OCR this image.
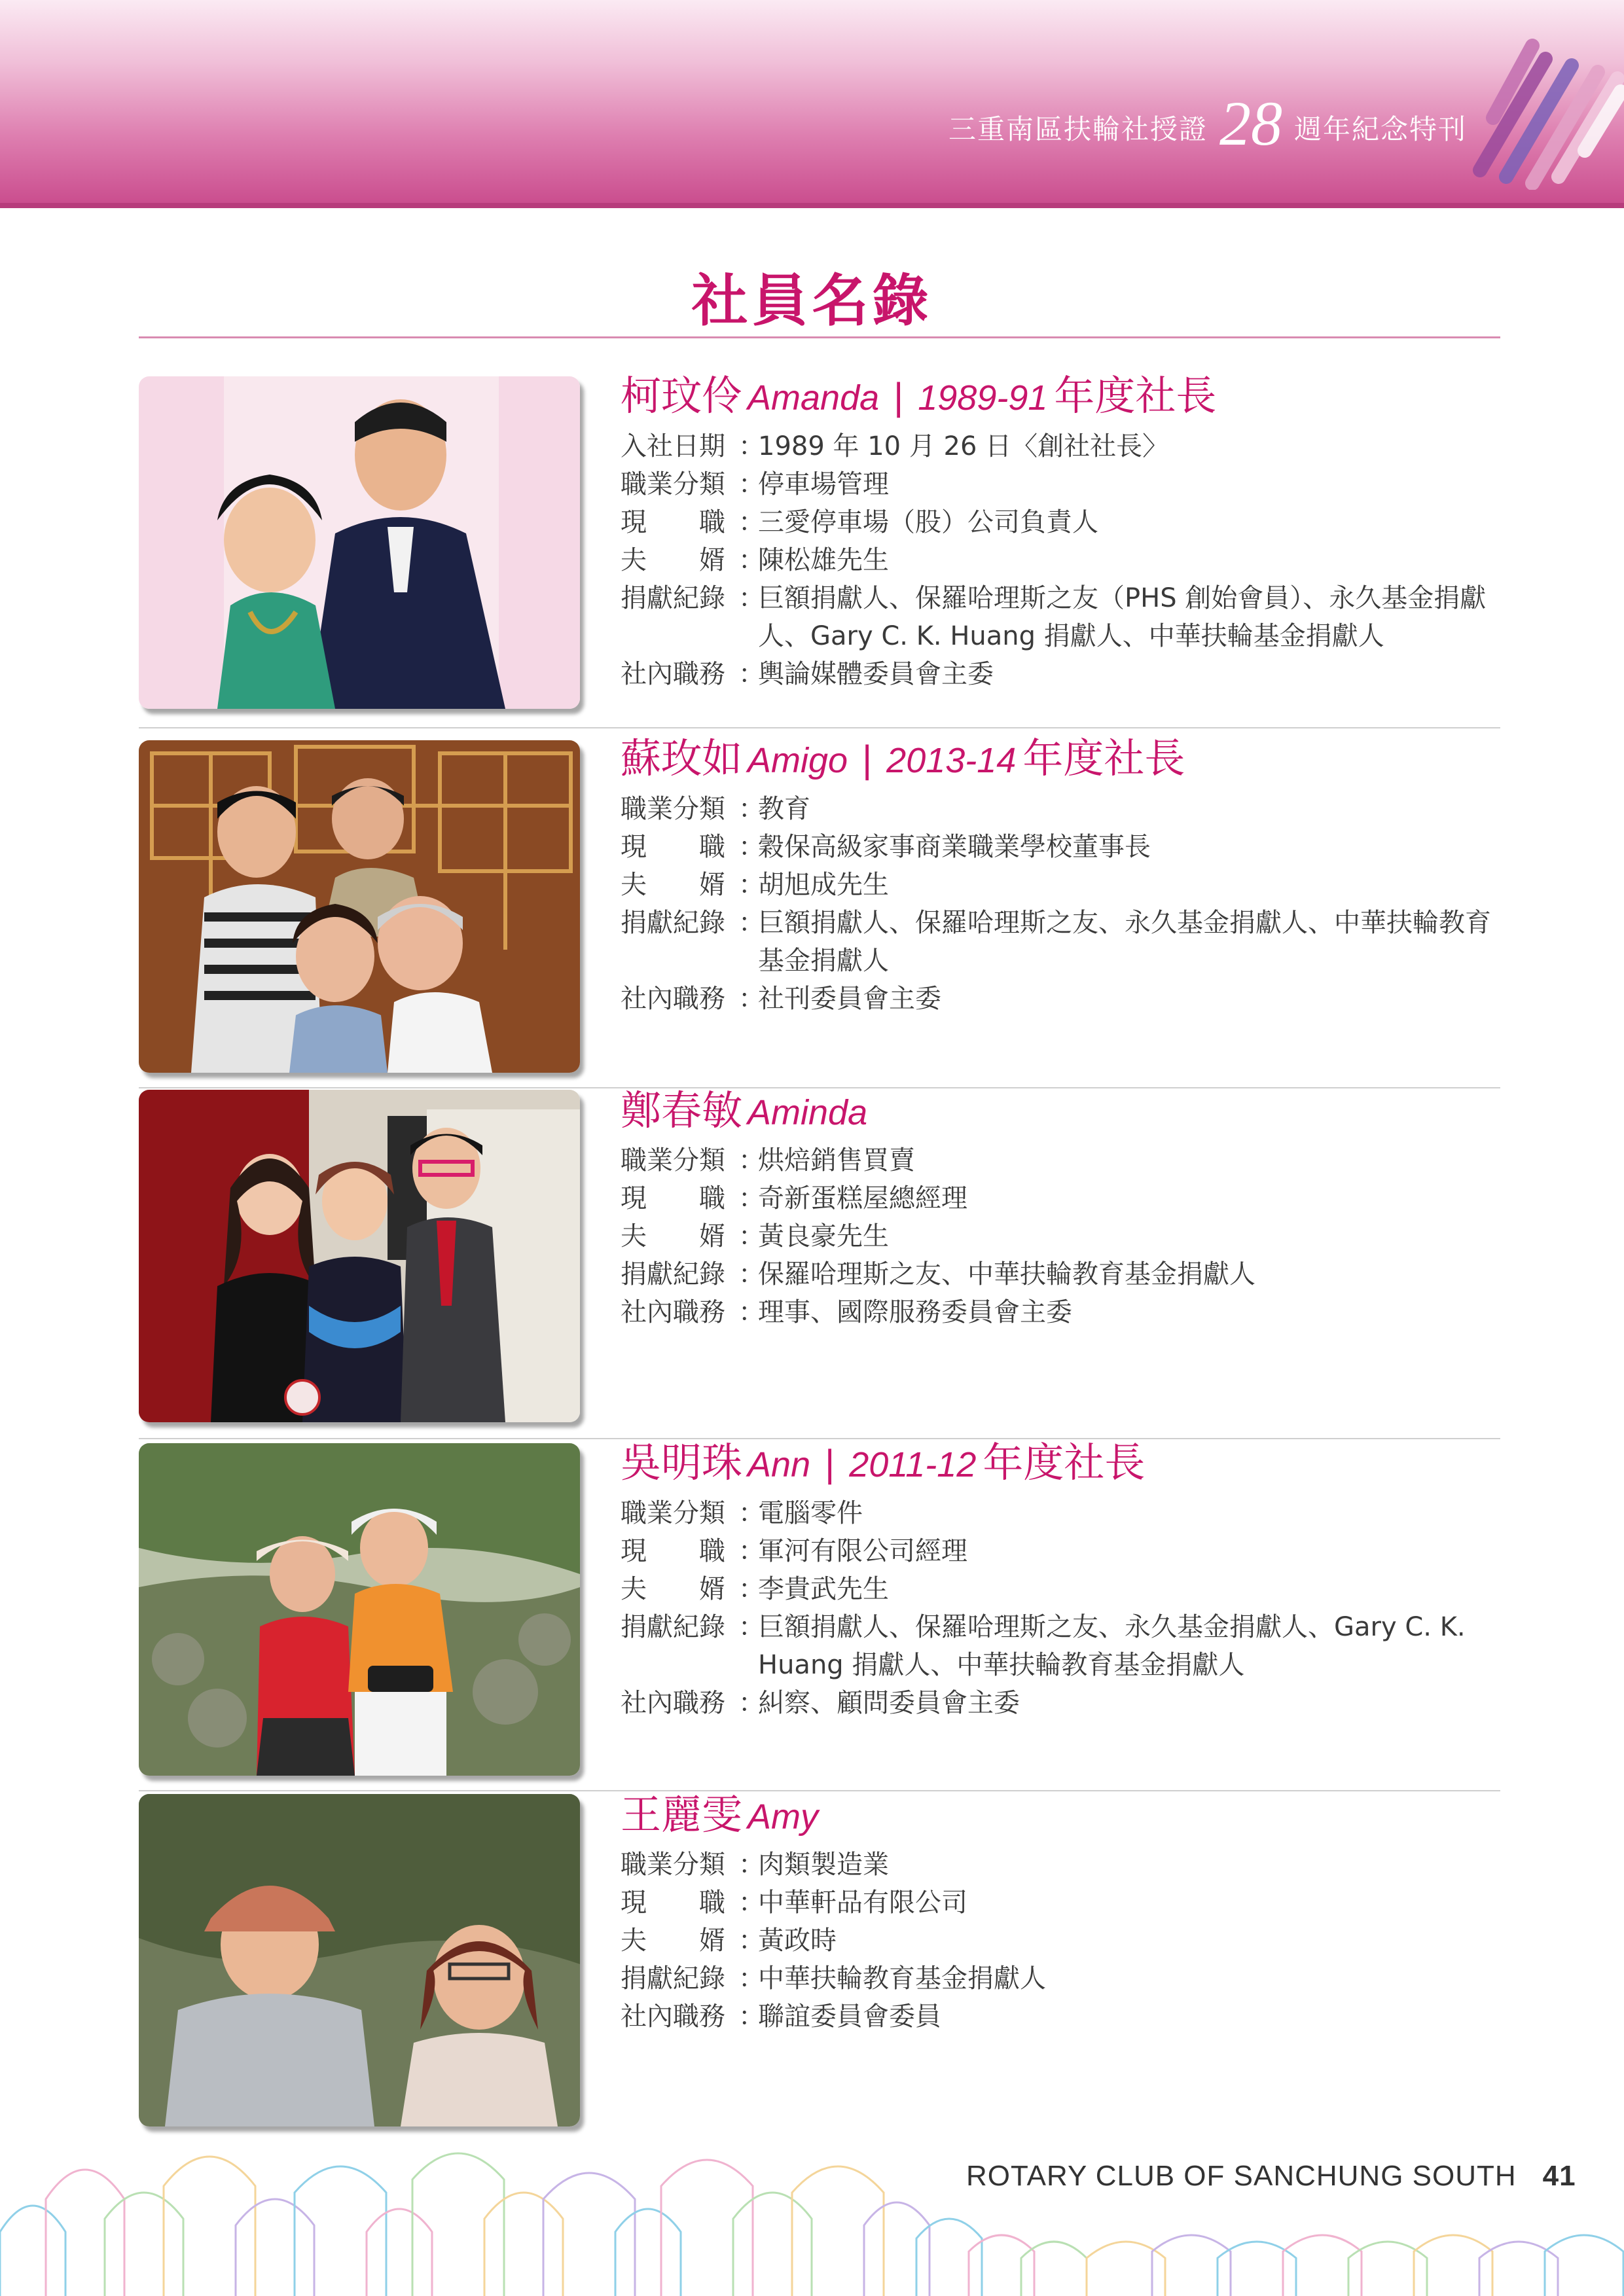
三重南區扶輪社授證 28 週年紀念特刊
社員名錄
柯玟伶 Amanda | 1989-91 年度社長
入社日期 ：
1989 年 10 月 26 日〈創社社長〉
職業分類 ：
停車場管理
現　　職 ：
三愛停車場（股）公司負責人
夫　　婿 ：
陳松雄先生
捐獻紀錄 ：
巨額捐獻人、保羅哈理斯之友（PHS 創始會員）、永久基金捐獻人、Gary C. K. Huang 捐獻人、中華扶輪基金捐獻人
社內職務 ：
輿論媒體委員會主委
蘇玫如 Amigo | 2013-14 年度社長
職業分類 ：
教育
現　　職 ：
穀保高級家事商業職業學校董事長
夫　　婿 ：
胡旭成先生
捐獻紀錄 ：
巨額捐獻人、保羅哈理斯之友、永久基金捐獻人、中華扶輪教育基金捐獻人
社內職務 ：
社刊委員會主委
鄭春敏 Aminda
職業分類 ：
烘焙銷售買賣
現　　職 ：
奇新蛋糕屋總經理
夫　　婿 ：
黃良豪先生
捐獻紀錄 ：
保羅哈理斯之友、中華扶輪教育基金捐獻人
社內職務 ：
理事、國際服務委員會主委
吳明珠 Ann | 2011-12 年度社長
職業分類 ：
電腦零件
現　　職 ：
軍河有限公司經理
夫　　婿 ：
李貴武先生
捐獻紀錄 ：
巨額捐獻人、保羅哈理斯之友、永久基金捐獻人、Gary C. K. Huang 捐獻人、中華扶輪教育基金捐獻人
社內職務 ：
糾察、顧問委員會主委
王麗雯 Amy
職業分類 ：
肉類製造業
現　　職 ：
中華軒品有限公司
夫　　婿 ：
黃政時
捐獻紀錄 ：
中華扶輪教育基金捐獻人
社內職務 ：
聯誼委員會委員
ROTARY CLUB OF SANCHUNG SOUTH 41
